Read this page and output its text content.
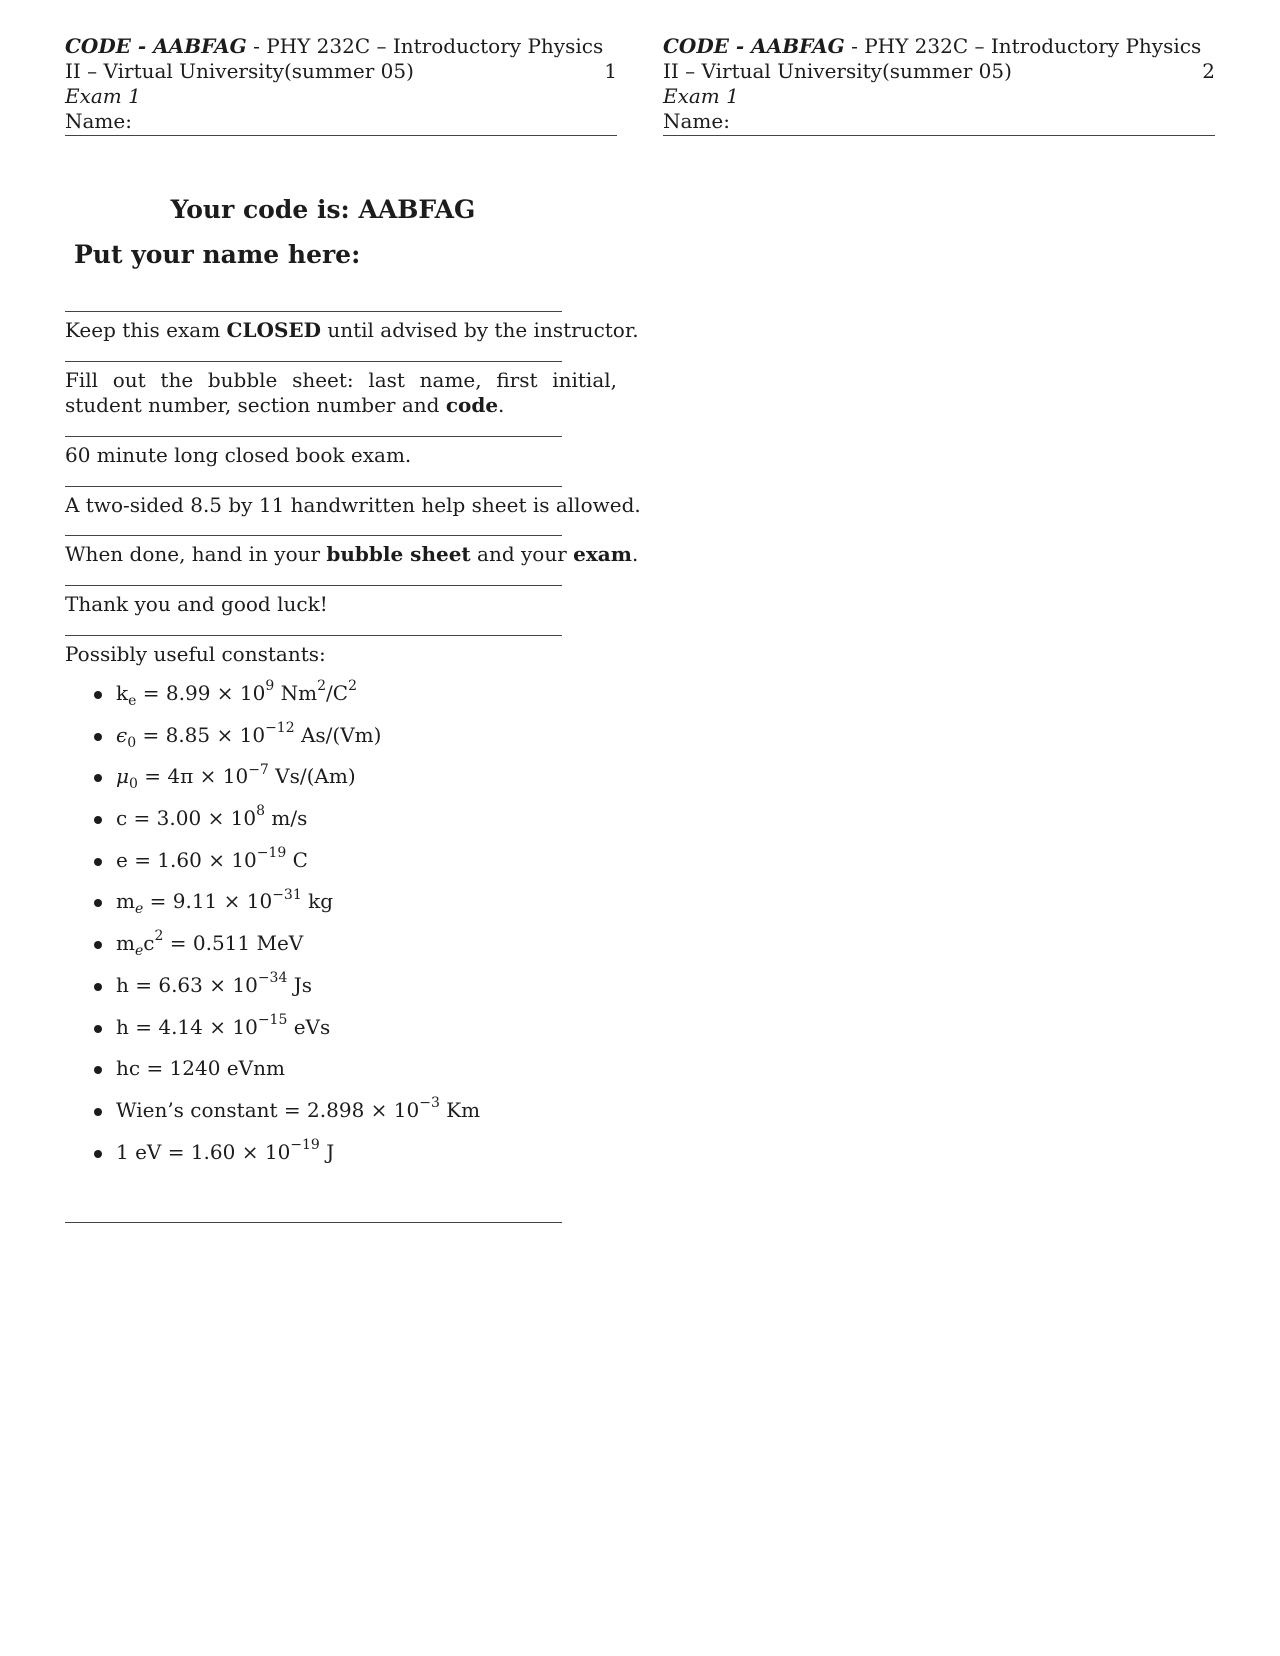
CODE - AABFAG - PHY 232C – Introductory Physics
II – Virtual University(summer 05)	1
Exam 1
Name:
CODE - AABFAG - PHY 232C – Introductory Physics
II – Virtual University(summer 05)	2
Exam 1
Name:
Your code is: AABFAG
Put your name here:
Keep this exam CLOSED until advised by the instructor.
Fill out the bubble sheet: last name, first initial, student number, section number and code.
60 minute long closed book exam.
A two-sided 8.5 by 11 handwritten help sheet is allowed.
When done, hand in your bubble sheet and your exam.
Thank you and good luck!
Possibly useful constants:
$k_e = 8.99 \times 10^9$ $Nm^2/C^2$
$\epsilon_0 = 8.85 \times 10^{-12}$ As/(Vm)
$\mu_0 = 4\pi \times 10^{-7}$ Vs/(Am)
$c = 3.00 \times 10^8$ m/s
$e = 1.60 \times 10^{-19}$ C
$m_e = 9.11 \times 10^{-31}$ kg
$m_ec^2 = 0.511$ MeV
$h = 6.63 \times 10^{-34}$ Js
$h = 4.14 \times 10^{-15}$ eVs
hc = 1240 eVnm
Wien’s constant = $2.898 \times 10^{-3}$ Km
1 eV = $1.60 \times 10^{-19}$ J
